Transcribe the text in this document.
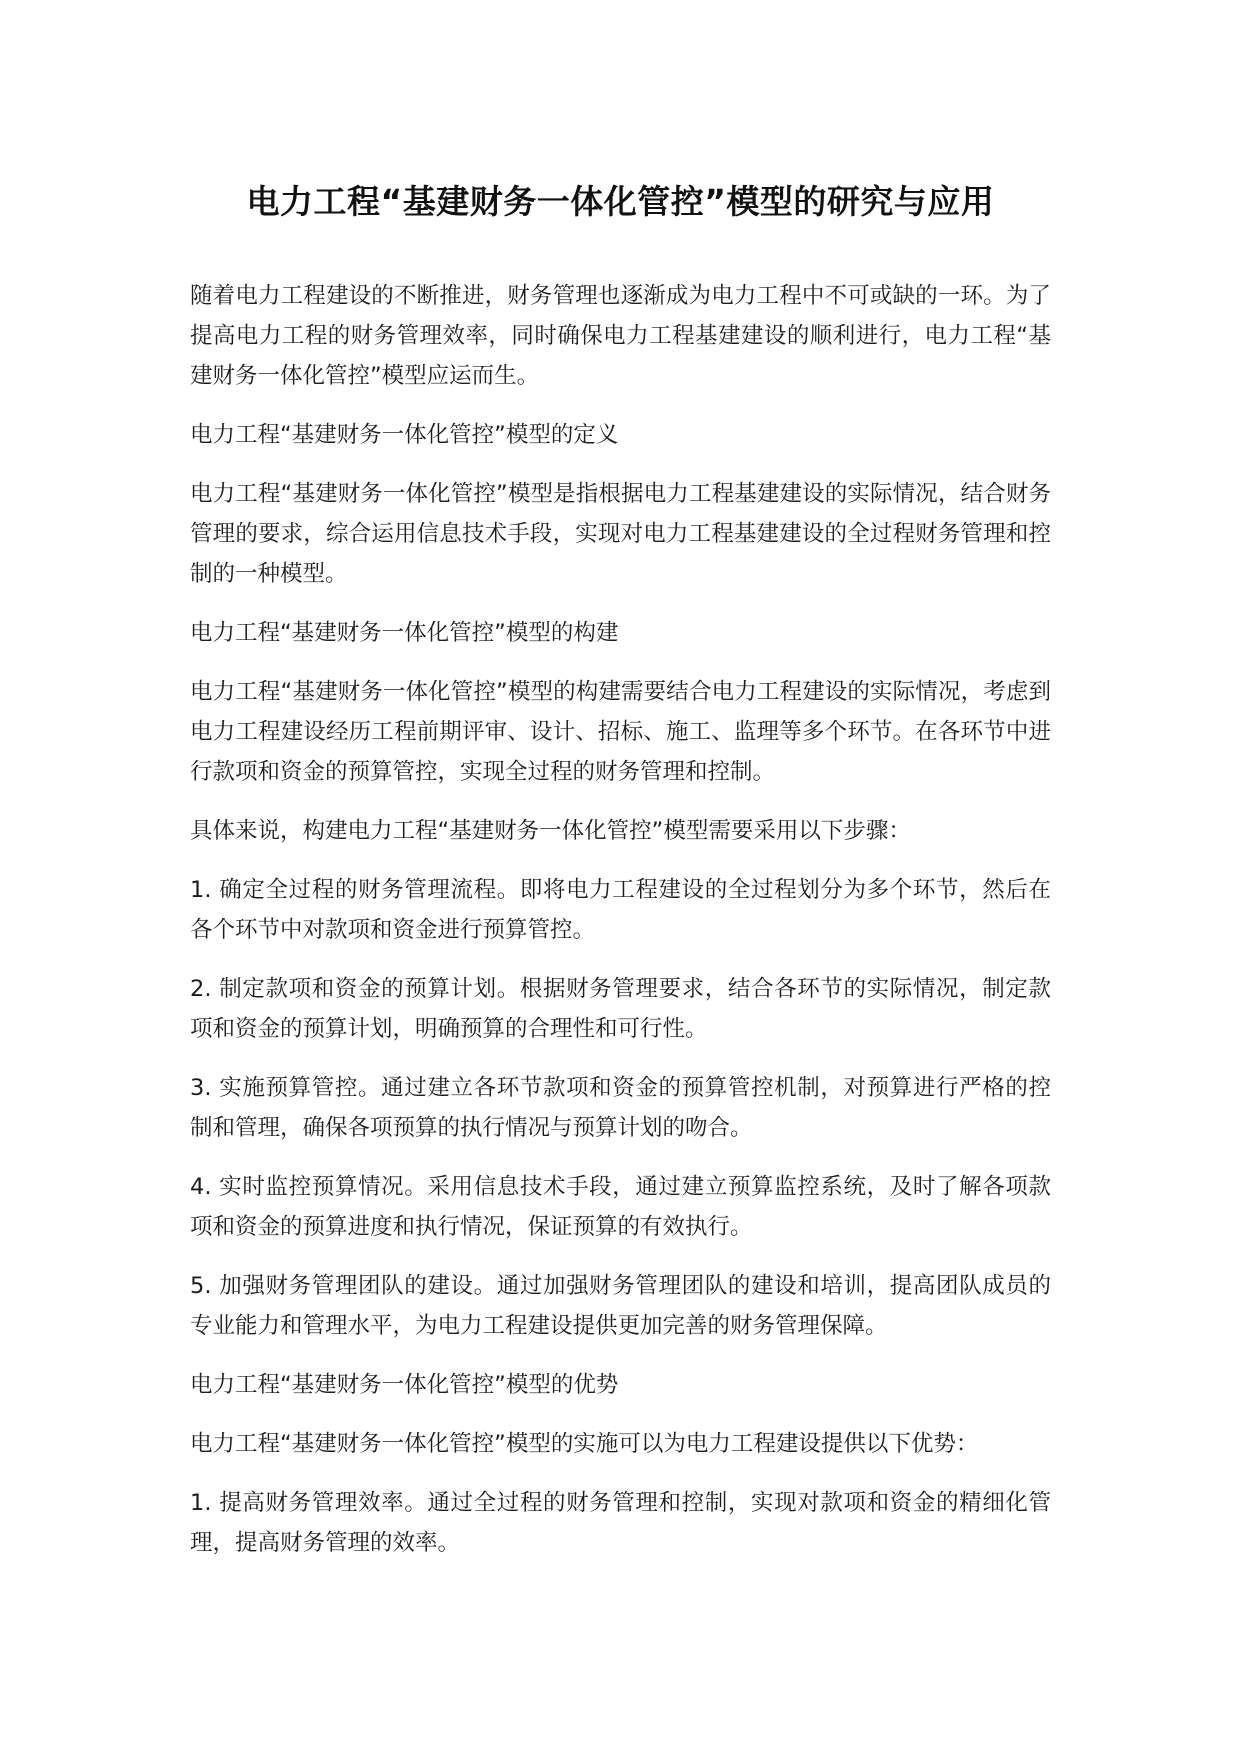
电力工程“基建财务一体化管控”模型的研究与应用

随着电力工程建设的不断推进，财务管理也逐渐成为电力工程中不可或缺的一环。为了提高电力工程的财务管理效率，同时确保电力工程基建建设的顺利进行，电力工程“基建财务一体化管控”模型应运而生。

电力工程“基建财务一体化管控”模型的定义

电力工程“基建财务一体化管控”模型是指根据电力工程基建建设的实际情况，结合财务管理的要求，综合运用信息技术手段，实现对电力工程基建建设的全过程财务管理和控制的一种模型。

电力工程“基建财务一体化管控”模型的构建

电力工程“基建财务一体化管控”模型的构建需要结合电力工程建设的实际情况，考虑到电力工程建设经历工程前期评审、设计、招标、施工、监理等多个环节。在各环节中进行款项和资金的预算管控，实现全过程的财务管理和控制。

具体来说，构建电力工程“基建财务一体化管控”模型需要采用以下步骤：

1. 确定全过程的财务管理流程。即将电力工程建设的全过程划分为多个环节，然后在各个环节中对款项和资金进行预算管控。

2. 制定款项和资金的预算计划。根据财务管理要求，结合各环节的实际情况，制定款项和资金的预算计划，明确预算的合理性和可行性。

3. 实施预算管控。通过建立各环节款项和资金的预算管控机制，对预算进行严格的控制和管理，确保各项预算的执行情况与预算计划的吻合。

4. 实时监控预算情况。采用信息技术手段，通过建立预算监控系统，及时了解各项款项和资金的预算进度和执行情况，保证预算的有效执行。

5. 加强财务管理团队的建设。通过加强财务管理团队的建设和培训，提高团队成员的专业能力和管理水平，为电力工程建设提供更加完善的财务管理保障。

电力工程“基建财务一体化管控”模型的优势

电力工程“基建财务一体化管控”模型的实施可以为电力工程建设提供以下优势：

1. 提高财务管理效率。通过全过程的财务管理和控制，实现对款项和资金的精细化管理，提高财务管理的效率。
